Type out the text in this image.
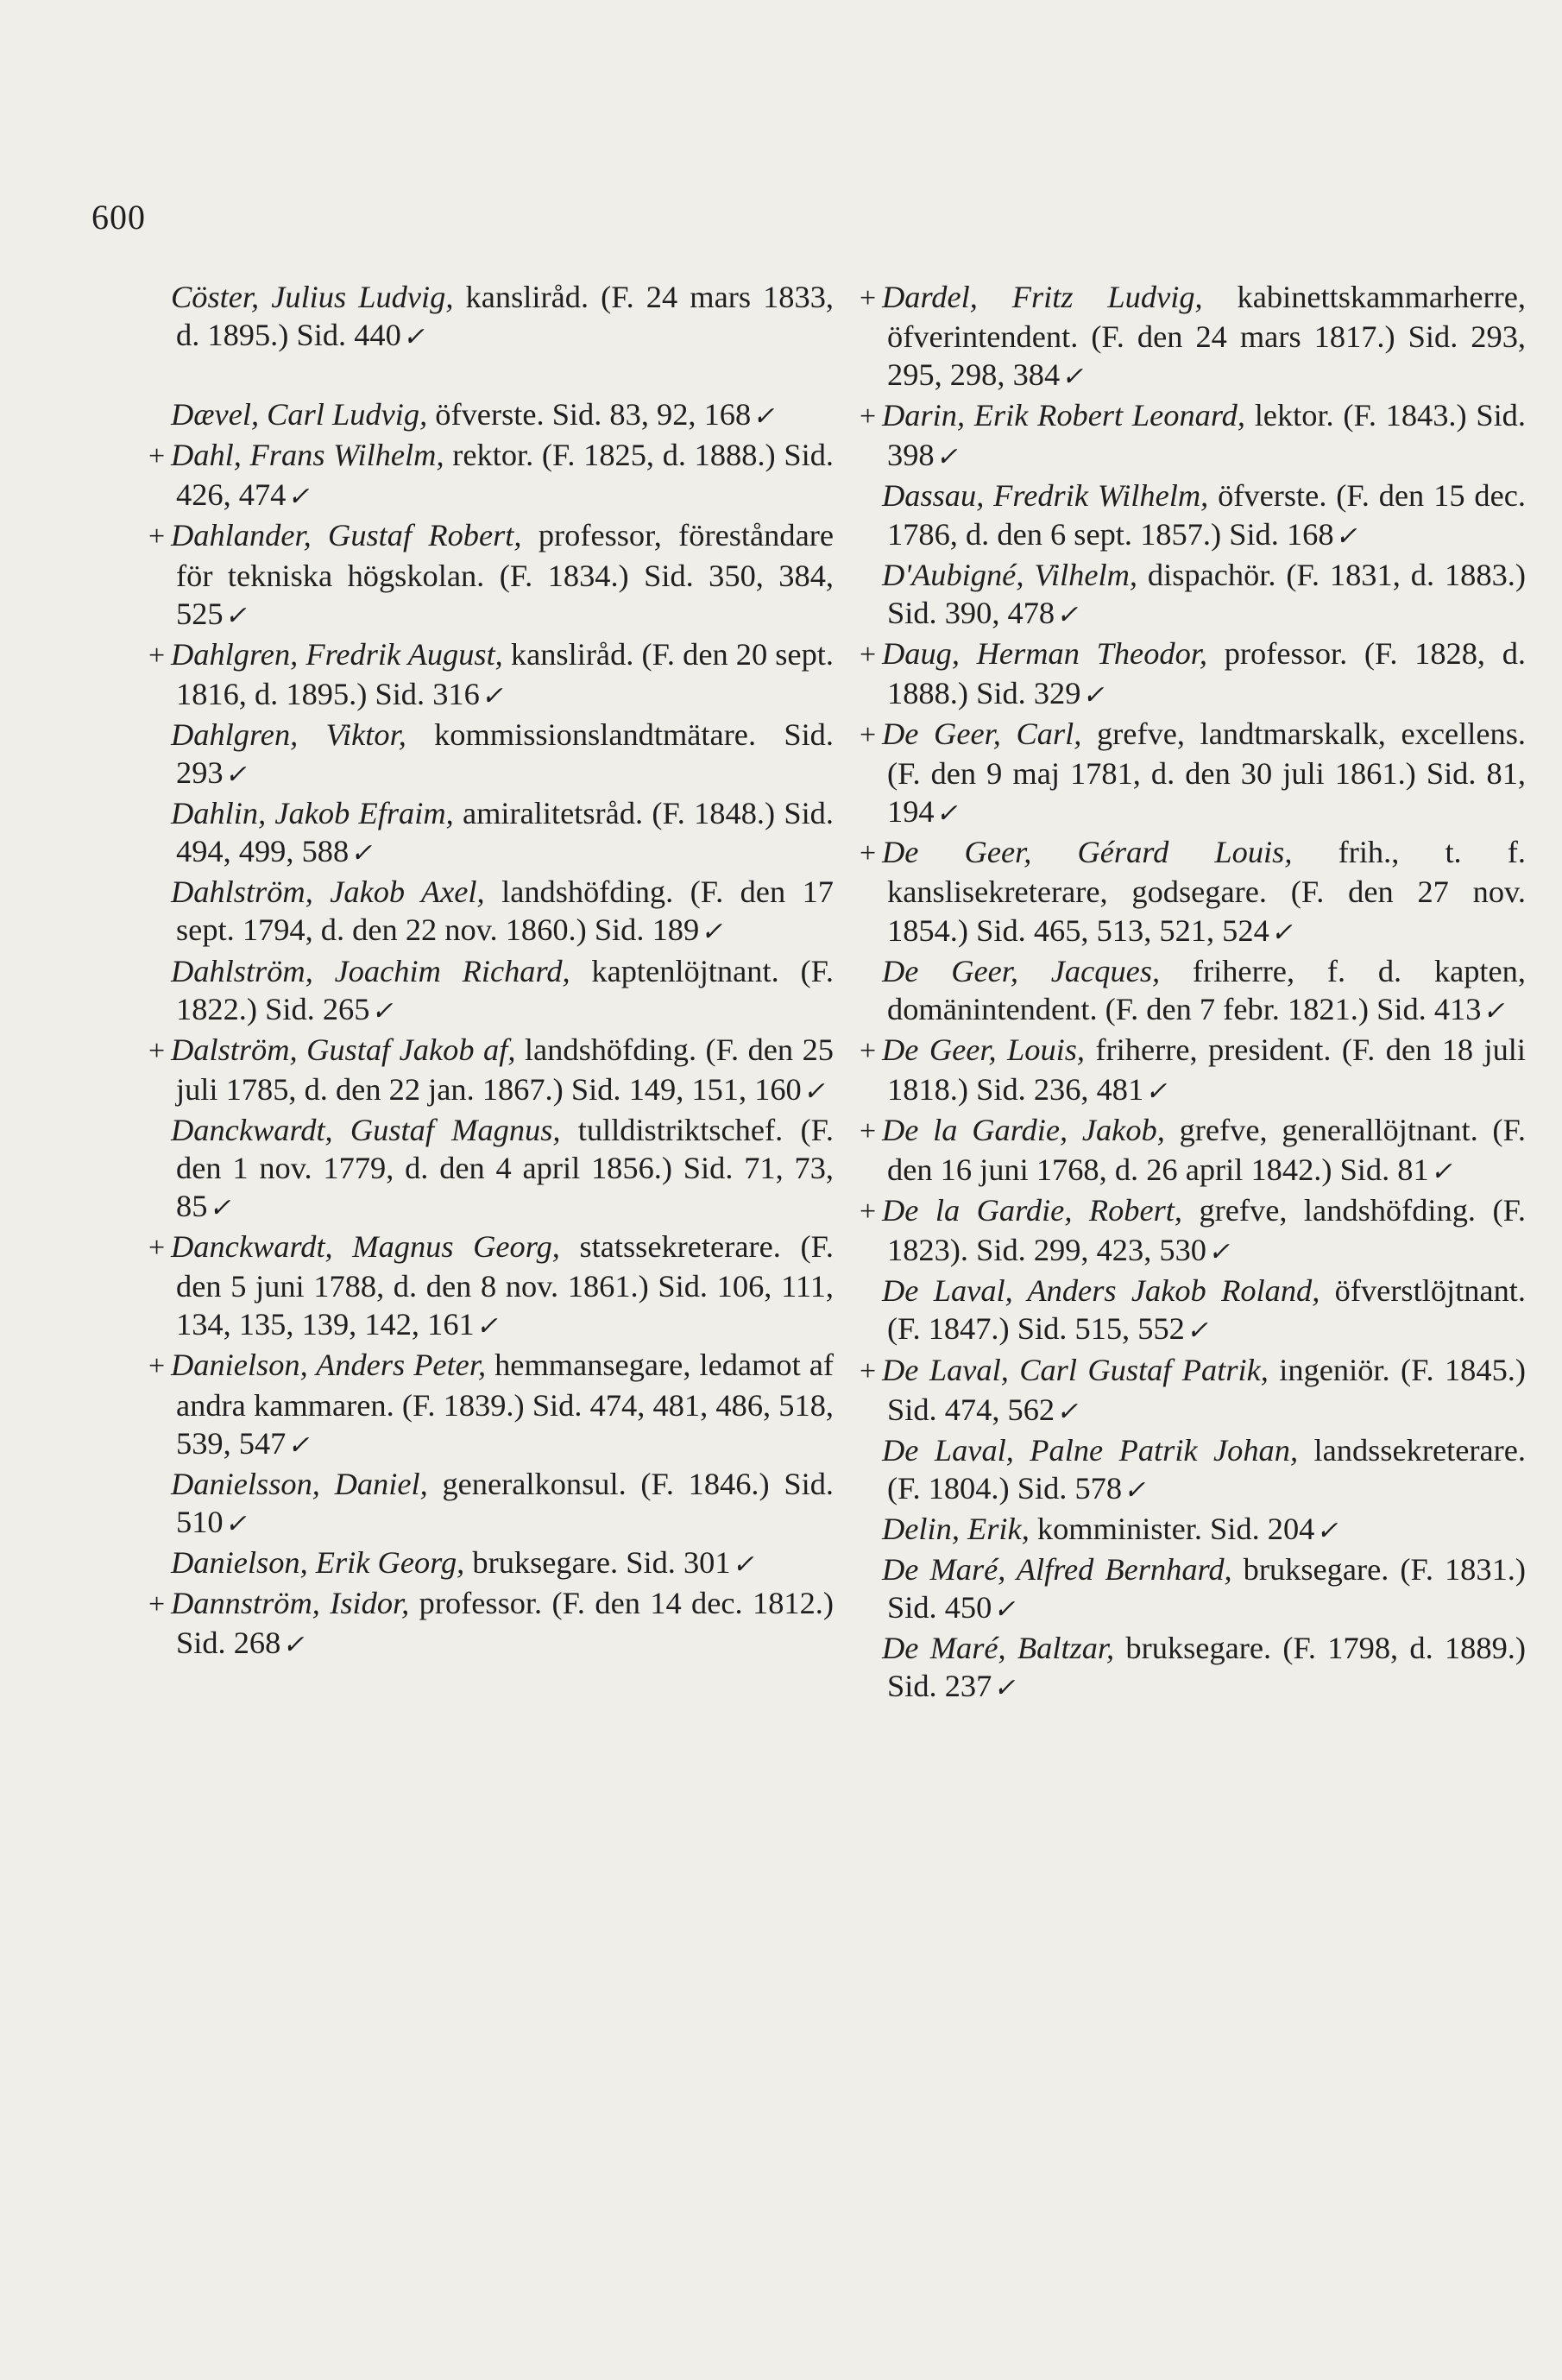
600
Cöster, Julius Ludvig, kansliråd. (F. 24 mars 1833, d. 1895.) Sid. 440✓
Dævel, Carl Ludvig, öfverste. Sid. 83, 92, 168✓
+ Dahl, Frans Wilhelm, rektor. (F. 1825, d. 1888.) Sid. 426, 474✓
+ Dahlander, Gustaf Robert, professor, föreståndare för tekniska högskolan. (F. 1834.) Sid. 350, 384, 525✓
+ Dahlgren, Fredrik August, kansliråd. (F. den 20 sept. 1816, d. 1895.) Sid. 316✓
Dahlgren, Viktor, kommissionslandtmätare. Sid. 293✓
Dahlin, Jakob Efraim, amiralitetsråd. (F. 1848.) Sid. 494, 499, 588✓
Dahlström, Jakob Axel, landshöfding. (F. den 17 sept. 1794, d. den 22 nov. 1860.) Sid. 189✓
Dahlström, Joachim Richard, kaptenlöjtnant. (F. 1822.) Sid. 265✓
+ Dalström, Gustaf Jakob af, landshöfding. (F. den 25 juli 1785, d. den 22 jan. 1867.) Sid. 149, 151, 160✓
Danckwardt, Gustaf Magnus, tulldistriktschef. (F. den 1 nov. 1779, d. den 4 april 1856.) Sid. 71, 73, 85✓
+ Danckwardt, Magnus Georg, statssekreterare. (F. den 5 juni 1788, d. den 8 nov. 1861.) Sid. 106, 111, 134, 135, 139, 142, 161✓
+ Danielson, Anders Peter, hemmansegare, ledamot af andra kammaren. (F. 1839.) Sid. 474, 481, 486, 518, 539, 547✓
Danielsson, Daniel, generalkonsul. (F. 1846.) Sid. 510✓
Danielson, Erik Georg, bruksegare. Sid. 301✓
+ Dannström, Isidor, professor. (F. den 14 dec. 1812.) Sid. 268✓
+ Dardel, Fritz Ludvig, kabinettskammarherre, öfverintendent. (F. den 24 mars 1817.) Sid. 293, 295, 298, 384✓
+ Darin, Erik Robert Leonard, lektor. (F. 1843.) Sid. 398✓
Dassau, Fredrik Wilhelm, öfverste. (F. den 15 dec. 1786, d. den 6 sept. 1857.) Sid. 168✓
D'Aubigné, Vilhelm, dispachör. (F. 1831, d. 1883.) Sid. 390, 478✓
+ Daug, Herman Theodor, professor. (F. 1828, d. 1888.) Sid. 329✓
+ De Geer, Carl, grefve, landtmarskalk, excellens. (F. den 9 maj 1781, d. den 30 juli 1861.) Sid. 81, 194✓
+ De Geer, Gérard Louis, frih., t. f. kanslisekreterare, godsegare. (F. den 27 nov. 1854.) Sid. 465, 513, 521, 524✓
De Geer, Jacques, friherre, f. d. kapten, domänintendent. (F. den 7 febr. 1821.) Sid. 413✓
+ De Geer, Louis, friherre, president. (F. den 18 juli 1818.) Sid. 236, 481✓
+ De la Gardie, Jakob, grefve, generallöjtnant. (F. den 16 juni 1768, d. 26 april 1842.) Sid. 81✓
+ De la Gardie, Robert, grefve, landshöfding. (F. 1823). Sid. 299, 423, 530✓
De Laval, Anders Jakob Roland, öfverstlöjtnant. (F. 1847.) Sid. 515, 552✓
+ De Laval, Carl Gustaf Patrik, ingeniör. (F. 1845.) Sid. 474, 562✓
De Laval, Palne Patrik Johan, landssekreterare. (F. 1804.) Sid. 578✓
Delin, Erik, komminister. Sid. 204✓
De Maré, Alfred Bernhard, bruksegare. (F. 1831.) Sid. 450✓
De Maré, Baltzar, bruksegare. (F. 1798, d. 1889.) Sid. 237✓
